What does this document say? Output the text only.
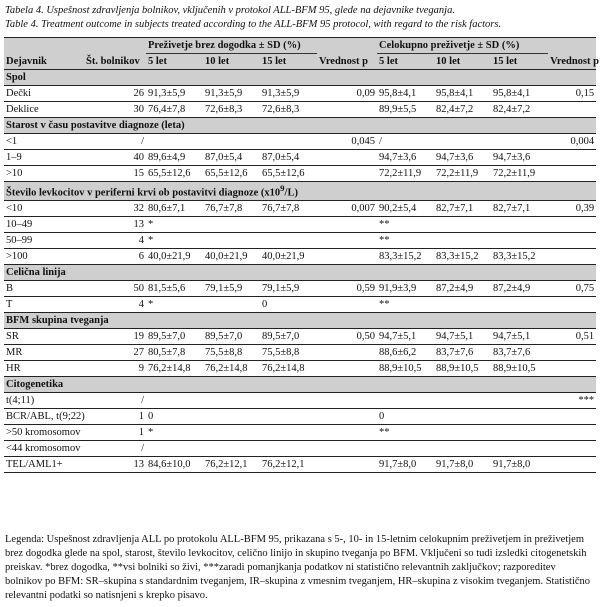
Tabela 4. Uspešnost zdravljenja bolnikov, vključenih v protokol ALL-BFM 95, glede na dejavnike tveganja.
Table 4. Treatment outcome in subjects treated according to the ALL-BFM 95 protocol, with regard to the risk factors.
		Preživetje brez dogodka ± SD (%)				Celokupno preživetje ± SD (%)			
Dejavnik	Št. bolnikov	5 let	10 let	15 let	Vrednost p	5 let	10 let	15 let	Vrednost p
Spol									
Dečki	26	91,3±5,9	91,3±5,9	91,3±5,9	0,09	95,8±4,1	95,8±4,1	95,8±4,1	0,15
Deklice	30	76,4±7,8	72,6±8,3	72,6±8,3		89,9±5,5	82,4±7,2	82,4±7,2	
Starost v času postavitve diagnoze (leta)									
<1	/				0,045	/			0,004
1–9	40	89,6±4,9	87,0±5,4	87,0±5,4		94,7±3,6	94,7±3,6	94,7±3,6	
>10	15	65,5±12,6	65,5±12,6	65,5±12,6		72,2±11,9	72,2±11,9	72,2±11,9	
Število levkocitov v periferni krvi ob postavitvi diagnoze $(x10^9/L)$									
<10	32	80,6±7,1	76,7±7,8	76,7±7,8	0,007	90,2±5,4	82,7±7,1	82,7±7,1	0,39
10–49	13	*				**			
50–99	4	*				**			
>100	6	40,0±21,9	40,0±21,9	40,0±21,9		83,3±15,2	83,3±15,2	83,3±15,2	
Celična linija									
B	50	81,5±5,6	79,1±5,9	79,1±5,9	0,59	91,9±3,9	87,2±4,9	87,2±4,9	0,75
T	4	*		0		**			
BFM skupina tveganja									
SR	19	89,5±7,0	89,5±7,0	89,5±7,0	0,50	94,7±5,1	94,7±5,1	94,7±5,1	0,51
MR	27	80,5±7,8	75,5±8,8	75,5±8,8		88,6±6,2	83,7±7,6	83,7±7,6	
HR	9	76,2±14,8	76,2±14,8	76,2±14,8		88,9±10,5	88,9±10,5	88,9±10,5	
Citogenetika									
t(4;11)	/								***
BCR/ABL, t(9;22)	1	0				0			
>50 kromosomov	1	*				**			
<44 kromosomov	/								
TEL/AML1+	13	84,6±10,0	76,2±12,1	76,2±12,1		91,7±8,0	91,7±8,0	91,7±8,0	
Legenda: Uspešnost zdravljenja ALL po protokolu ALL-BFM 95, prikazana s 5-, 10- in 15-letnim celokupnim preživetjem in preživetjem brez dogodka glede na spol, starost, število levkocitov, celično linijo in skupino tveganja po BFM. Vključeni so tudi izsledki citogenetskih preiskav. *brez dogodka, **vsi bolniki so živi, ***zaradi pomanjkanja podatkov ni statistično relevantnih zaključkov; razporeditev bolnikov po BFM: SR–skupina s standardnim tveganjem, IR–skupina z vmesnim tveganjem, HR–skupina z visokim tveganjem. Statistično relevantni podatki so natisnjeni s krepko pisavo.
